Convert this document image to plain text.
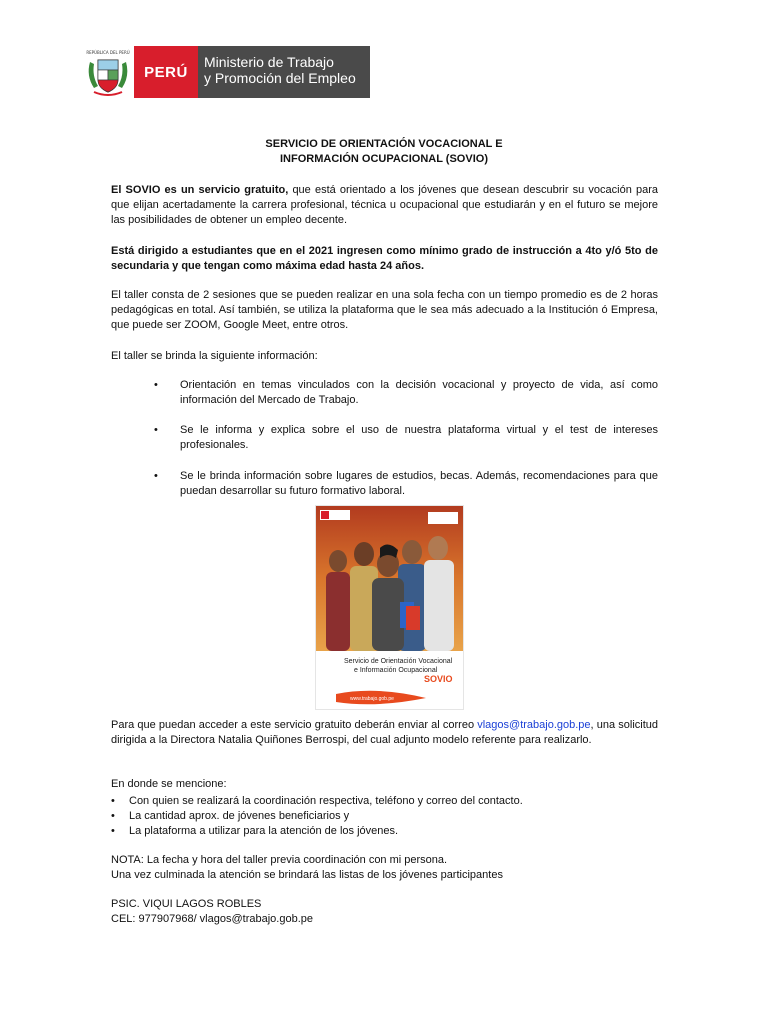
REPÚBLICA DEL PERÚ
PERÚ
Ministerio de Trabajo
y Promoción del Empleo
SERVICIO DE ORIENTACIÓN VOCACIONAL E
INFORMACIÓN OCUPACIONAL (SOVIO)
El SOVIO es un servicio gratuito, que está orientado a los jóvenes que desean descubrir su vocación para que elijan acertadamente la carrera profesional, técnica u ocupacional que estudiarán y en el futuro se mejore las posibilidades de obtener un empleo decente.
Está dirigido a estudiantes que en el 2021 ingresen como mínimo grado de instrucción a 4to y/ó 5to de secundaria y que tengan como máxima edad hasta 24 años.
El taller consta de 2 sesiones que se pueden realizar en una sola fecha con un tiempo promedio es de 2 horas pedagógicas en total. Así también, se utiliza la plataforma que le sea más adecuado a la Institución ó Empresa, que puede ser ZOOM, Google Meet, entre otros.
El taller se brinda la siguiente información:
•	Orientación en temas vinculados con la decisión vocacional y proyecto de vida, así como información del Mercado de Trabajo.
•	Se le informa y explica sobre el uso de nuestra plataforma virtual y el test de intereses profesionales.
•	Se le brinda información sobre lugares de estudios, becas. Además, recomendaciones para que puedan desarrollar su futuro formativo laboral.
Servicio de Orientación Vocacional
e Información Ocupacional
SOVIO
www.trabajo.gob.pe
Para que puedan acceder a este servicio gratuito deberán enviar al correo vlagos@trabajo.gob.pe, una solicitud dirigida a la Directora Natalia Quiñones Berrospi, del cual adjunto modelo referente para realizarlo.
En donde se mencione:
•	Con quien se realizará la coordinación respectiva, teléfono y correo del contacto.
•	La cantidad aprox. de jóvenes beneficiarios y
•	La plataforma a utilizar para la atención de los jóvenes.
NOTA: La fecha y hora del taller previa coordinación con mi persona.
Una vez culminada la atención se brindará las listas de los jóvenes participantes
PSIC. VIQUI LAGOS ROBLES
CEL: 977907968/ vlagos@trabajo.gob.pe
